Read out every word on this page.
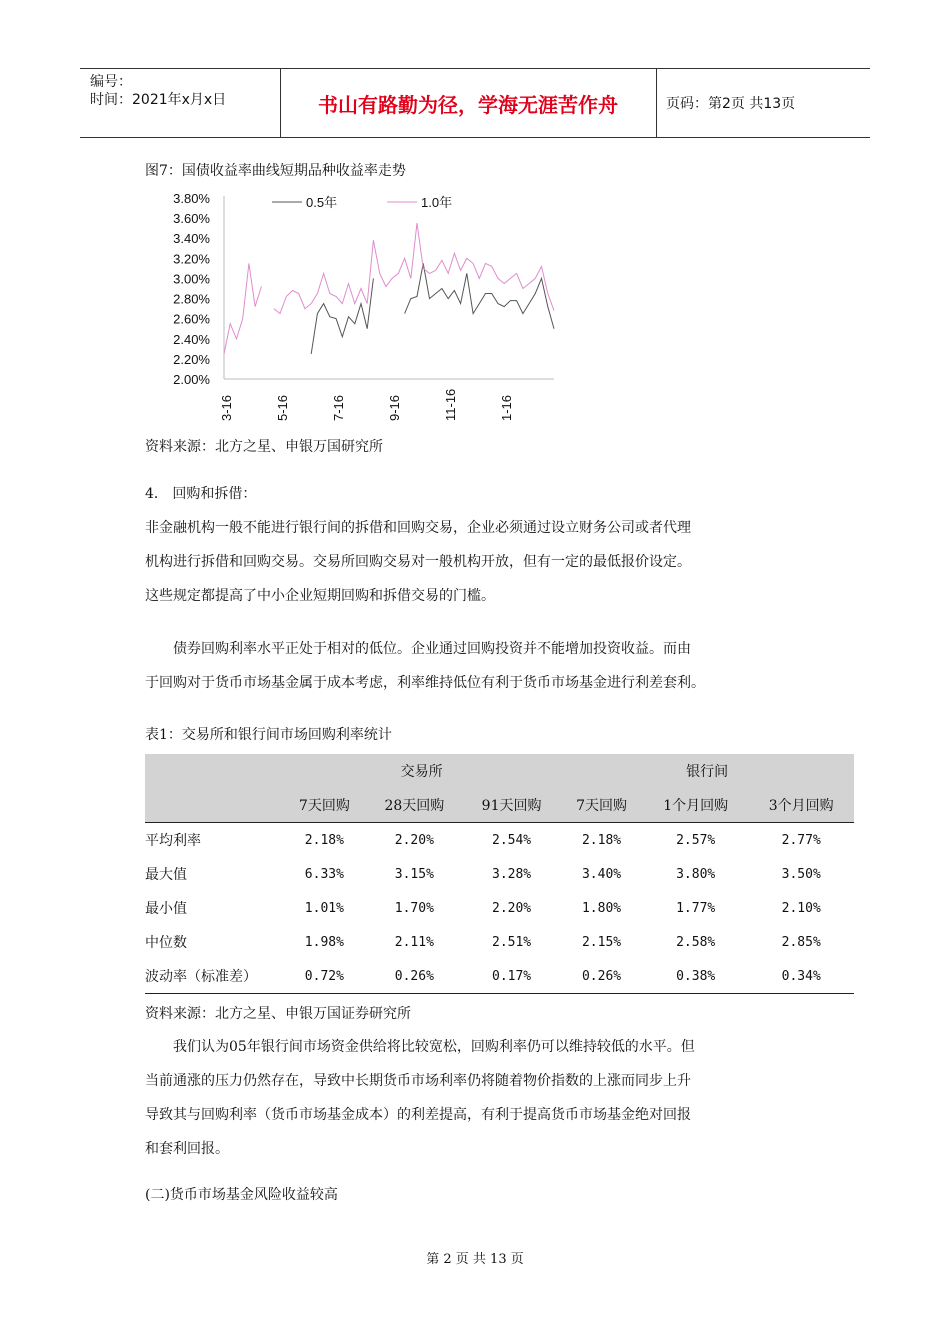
编号：
时间：2021年x月x日	书山有路勤为径，学海无涯苦作舟	页码：第2页 共13页
图7：国债收益率曲线短期品种收益率走势
3.80%
3.60%
3.40%
3.20%
3.00%
2.80%
2.60%
2.40%
2.20%
2.00%
3-16	5-16	7-16	9-16	11-16	1-16
0.5年	1.0年
资料来源：北方之星、申银万国研究所
4． 回购和拆借：
非金融机构一般不能进行银行间的拆借和回购交易，企业必须通过设立财务公司或者代理
机构进行拆借和回购交易。交易所回购交易对一般机构开放，但有一定的最低报价设定。
这些规定都提高了中小企业短期回购和拆借交易的门槛。
　　债券回购利率水平正处于相对的低位。企业通过回购投资并不能增加投资收益。而由
于回购对于货币市场基金属于成本考虑，利率维持低位有利于货币市场基金进行利差套利。
表1：交易所和银行间市场回购利率统计
	交易所			银行间		
	7天回购	28天回购	91天回购	7天回购	1个月回购	3个月回购
平均利率	2.18%	2.20%	2.54%	2.18%	2.57%	2.77%
最大值	6.33%	3.15%	3.28%	3.40%	3.80%	3.50%
最小值	1.01%	1.70%	2.20%	1.80%	1.77%	2.10%
中位数	1.98%	2.11%	2.51%	2.15%	2.58%	2.85%
波动率（标准差）	0.72%	0.26%	0.17%	0.26%	0.38%	0.34%
资料来源：北方之星、申银万国证券研究所
　　我们认为05年银行间市场资金供给将比较宽松，回购利率仍可以维持较低的水平。但
当前通涨的压力仍然存在，导致中长期货币市场利率仍将随着物价指数的上涨而同步上升
导致其与回购利率（货币市场基金成本）的利差提高，有利于提高货币市场基金绝对回报
和套利回报。
(二)货币市场基金风险收益较高
第 2 页 共 13 页
